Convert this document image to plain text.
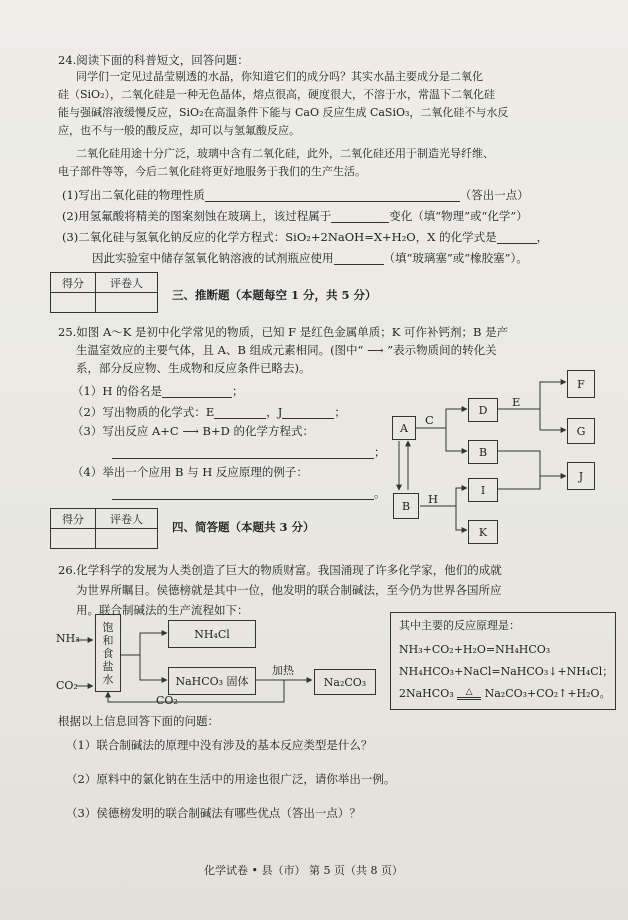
24.阅读下面的科普短文，回答问题：
同学们一定见过晶莹剔透的水晶，你知道它们的成分吗？其实水晶主要成分是二氧化
硅（SiO₂），二氧化硅是一种无色晶体，熔点很高，硬度很大，不溶于水，常温下二氧化硅
能与强碱溶液缓慢反应，SiO₂在高温条件下能与 CaO 反应生成 CaSiO₃，二氧化硅不与水反
应，也不与一般的酸反应，却可以与氢氟酸反应。
二氧化硅用途十分广泛，玻璃中含有二氧化硅，此外，二氧化硅还用于制造光导纤维、
电子部件等等，今后二氧化硅将更好地服务于我们的生产生活。
(1)写出二氧化硅的物理性质	（答出一点）
(2)用氢氟酸将精美的图案刻蚀在玻璃上，该过程属于	变化（填“物理”或“化学”）
(3)二氧化硅与氢氧化钠反应的化学方程式：SiO₂+2NaOH=X+H₂O，X 的化学式是	，
因此实验室中储存氢氧化钠溶液的试剂瓶应使用	（填“玻璃塞”或“橡胶塞”）。
得分	评卷人

三、推断题（本题每空 1 分，共 5 分）
25.如图 A～K 是初中化学常见的物质，已知 F 是红色金属单质；K 可作补钙剂；B 是产
生温室效应的主要气体，且 A、B 组成元素相同。(图中“ ⟶ ”表示物质间的转化关
系，部分反应物、生成物和反应条件已略去)。
（1）H 的俗名是	；
（2）写出物质的化学式：E	，J	；
（3）写出反应 A+C ⟶ B+D 的化学方程式：
；
（4）举出一个应用 B 与 H 反应原理的例子：
。
A
B
C
D
E
F
G
B
H
I
J
K
得分	评卷人

四、简答题（本题共 3 分）
26.化学科学的发展为人类创造了巨大的物质财富。我国涌现了许多化学家，他们的成就
为世界所瞩目。侯德榜就是其中一位，他发明的联合制碱法，至今仍为世界各国所应
用。联合制碱法的生产流程如下：
NH₃
CO₂
饱和食盐水
NH₄Cl
NaHCO₃ 固体
加热
Na₂CO₃
CO₂
其中主要的反应原理是：
NH₃+CO₂+H₂O=NH₄HCO₃
NH₄HCO₃+NaCl=NaHCO₃↓+NH₄Cl；
2NaHCO₃ △ Na₂CO₃+CO₂↑+H₂O。
根据以上信息回答下面的问题：
（1）联合制碱法的原理中没有涉及的基本反应类型是什么？
（2）原料中的氯化钠在生活中的用途也很广泛，请你举出一例。
（3）侯德榜发明的联合制碱法有哪些优点（答出一点）？
化学试卷 • 县（市） 第 5 页（共 8 页）
